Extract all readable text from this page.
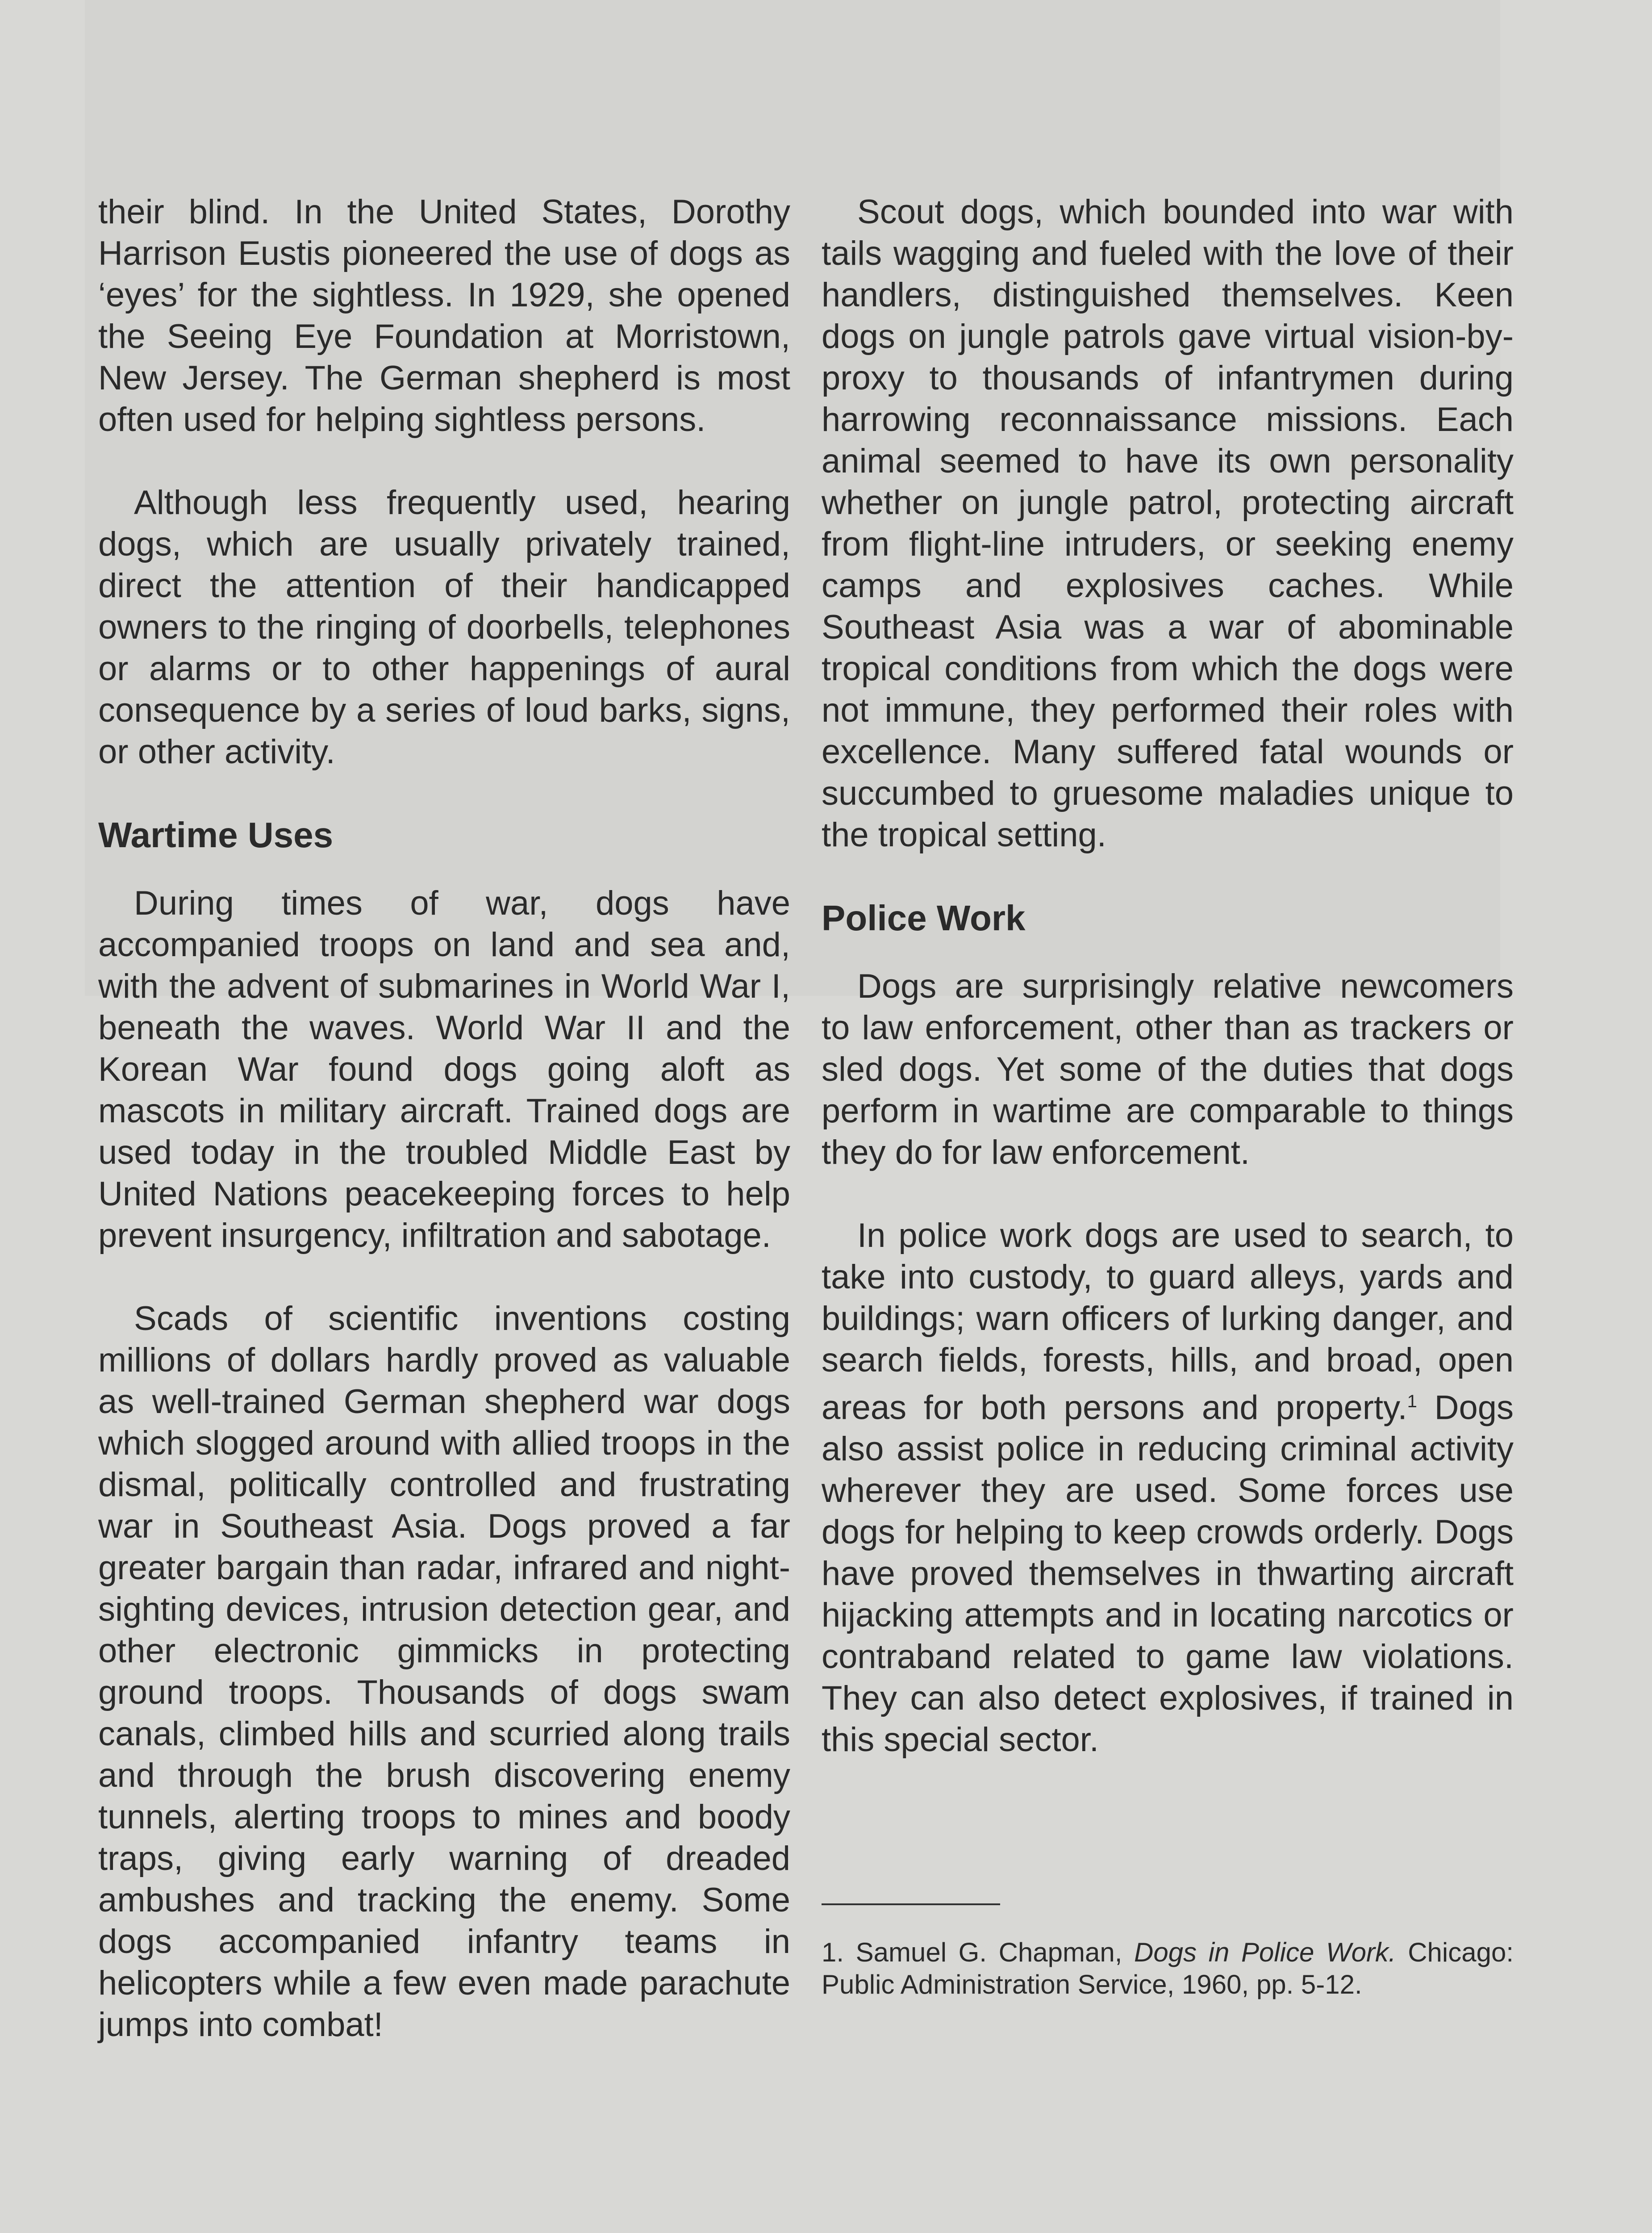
their blind. In the United States, Dorothy Harrison Eustis pioneered the use of dogs as ‘eyes’ for the sightless. In 1929, she opened the Seeing Eye Foundation at Morristown, New Jersey. The German shepherd is most often used for helping sightless persons.

Although less frequently used, hearing dogs, which are usually privately trained, direct the attention of their handicapped owners to the ringing of doorbells, telephones or alarms or to other happenings of aural consequence by a series of loud barks, signs, or other activity.

Wartime Uses

During times of war, dogs have accompanied troops on land and sea and, with the advent of submarines in World War I, beneath the waves. World War II and the Korean War found dogs going aloft as mascots in military aircraft. Trained dogs are used today in the troubled Middle East by United Nations peacekeeping forces to help prevent insurgency, infiltration and sabotage.

Scads of scientific inventions costing millions of dollars hardly proved as valuable as well-trained German shepherd war dogs which slogged around with allied troops in the dismal, politically controlled and frustrating war in Southeast Asia. Dogs proved a far greater bargain than radar, infrared and night-sighting devices, intrusion detection gear, and other electronic gimmicks in protecting ground troops. Thousands of dogs swam canals, climbed hills and scurried along trails and through the brush discovering enemy tunnels, alerting troops to mines and boody traps, giving early warning of dreaded ambushes and tracking the enemy. Some dogs accompanied infantry teams in helicopters while a few even made parachute jumps into combat!

Scout dogs, which bounded into war with tails wagging and fueled with the love of their handlers, distinguished themselves. Keen dogs on jungle patrols gave virtual vision-by-proxy to thousands of infantrymen during harrowing reconnaissance missions. Each animal seemed to have its own personality whether on jungle patrol, protecting aircraft from flight-line intruders, or seeking enemy camps and explosives caches. While Southeast Asia was a war of abominable tropical conditions from which the dogs were not immune, they performed their roles with excellence. Many suffered fatal wounds or succumbed to gruesome maladies unique to the tropical setting.

Police Work

Dogs are surprisingly relative newcomers to law enforcement, other than as trackers or sled dogs. Yet some of the duties that dogs perform in wartime are comparable to things they do for law enforcement.

In police work dogs are used to search, to take into custody, to guard alleys, yards and buildings; warn officers of lurking danger, and search fields, forests, hills, and broad, open areas for both persons and property.$^1$ Dogs also assist police in reducing criminal activity wherever they are used. Some forces use dogs for helping to keep crowds orderly. Dogs have proved themselves in thwarting aircraft hijacking attempts and in locating narcotics or contraband related to game law violations. They can also detect explosives, if trained in this special sector.

1. Samuel G. Chapman, Dogs in Police Work. Chicago: Public Administration Service, 1960, pp. 5-12.
